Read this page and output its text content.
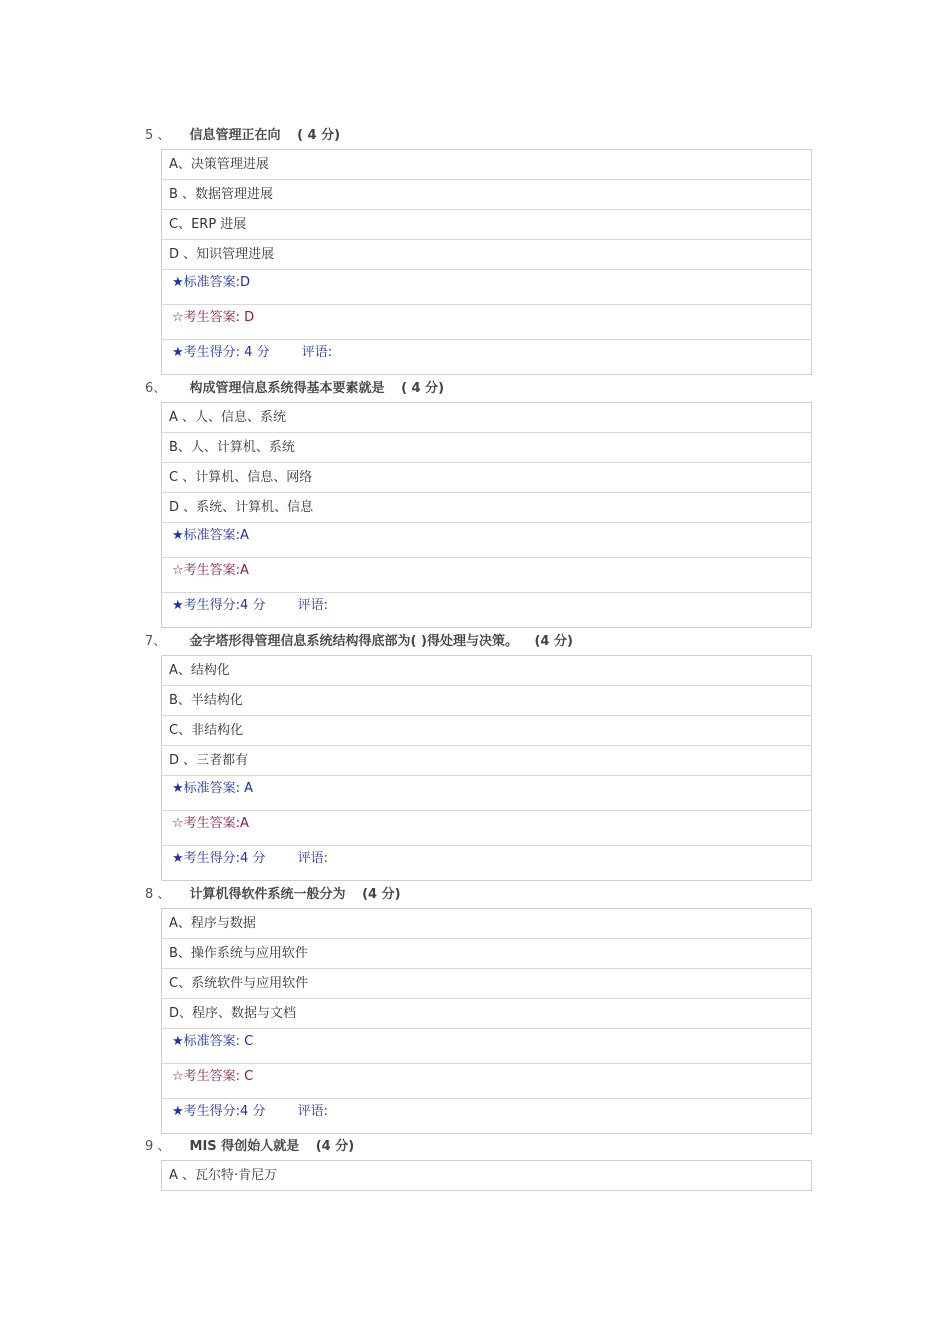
5 、 信息管理正在向 ( 4 分)
A、决策管理进展
B 、数据管理进展
C、ERP 进展
D 、知识管理进展
★标准答案:D
☆考生答案: D
★考生得分: 4 分 评语:
6、 构成管理信息系统得基本要素就是 ( 4 分)
A 、人、信息、系统
B、人、计算机、系统
C 、计算机、信息、网络
D 、系统、计算机、信息
★标准答案:A
☆考生答案:A
★考生得分:4 分 评语:
7、 金字塔形得管理信息系统结构得底部为( )得处理与决策。 (4 分)
A、结构化
B、半结构化
C、非结构化
D 、三者都有
★标准答案: A
☆考生答案:A
★考生得分:4 分 评语:
8 、 计算机得软件系统一般分为 (4 分)
A、程序与数据
B、操作系统与应用软件
C、系统软件与应用软件
D、程序、数据与文档
★标准答案: C
☆考生答案: C
★考生得分:4 分 评语:
9 、 MIS 得创始人就是 (4 分)
A 、瓦尔特·肯尼万
